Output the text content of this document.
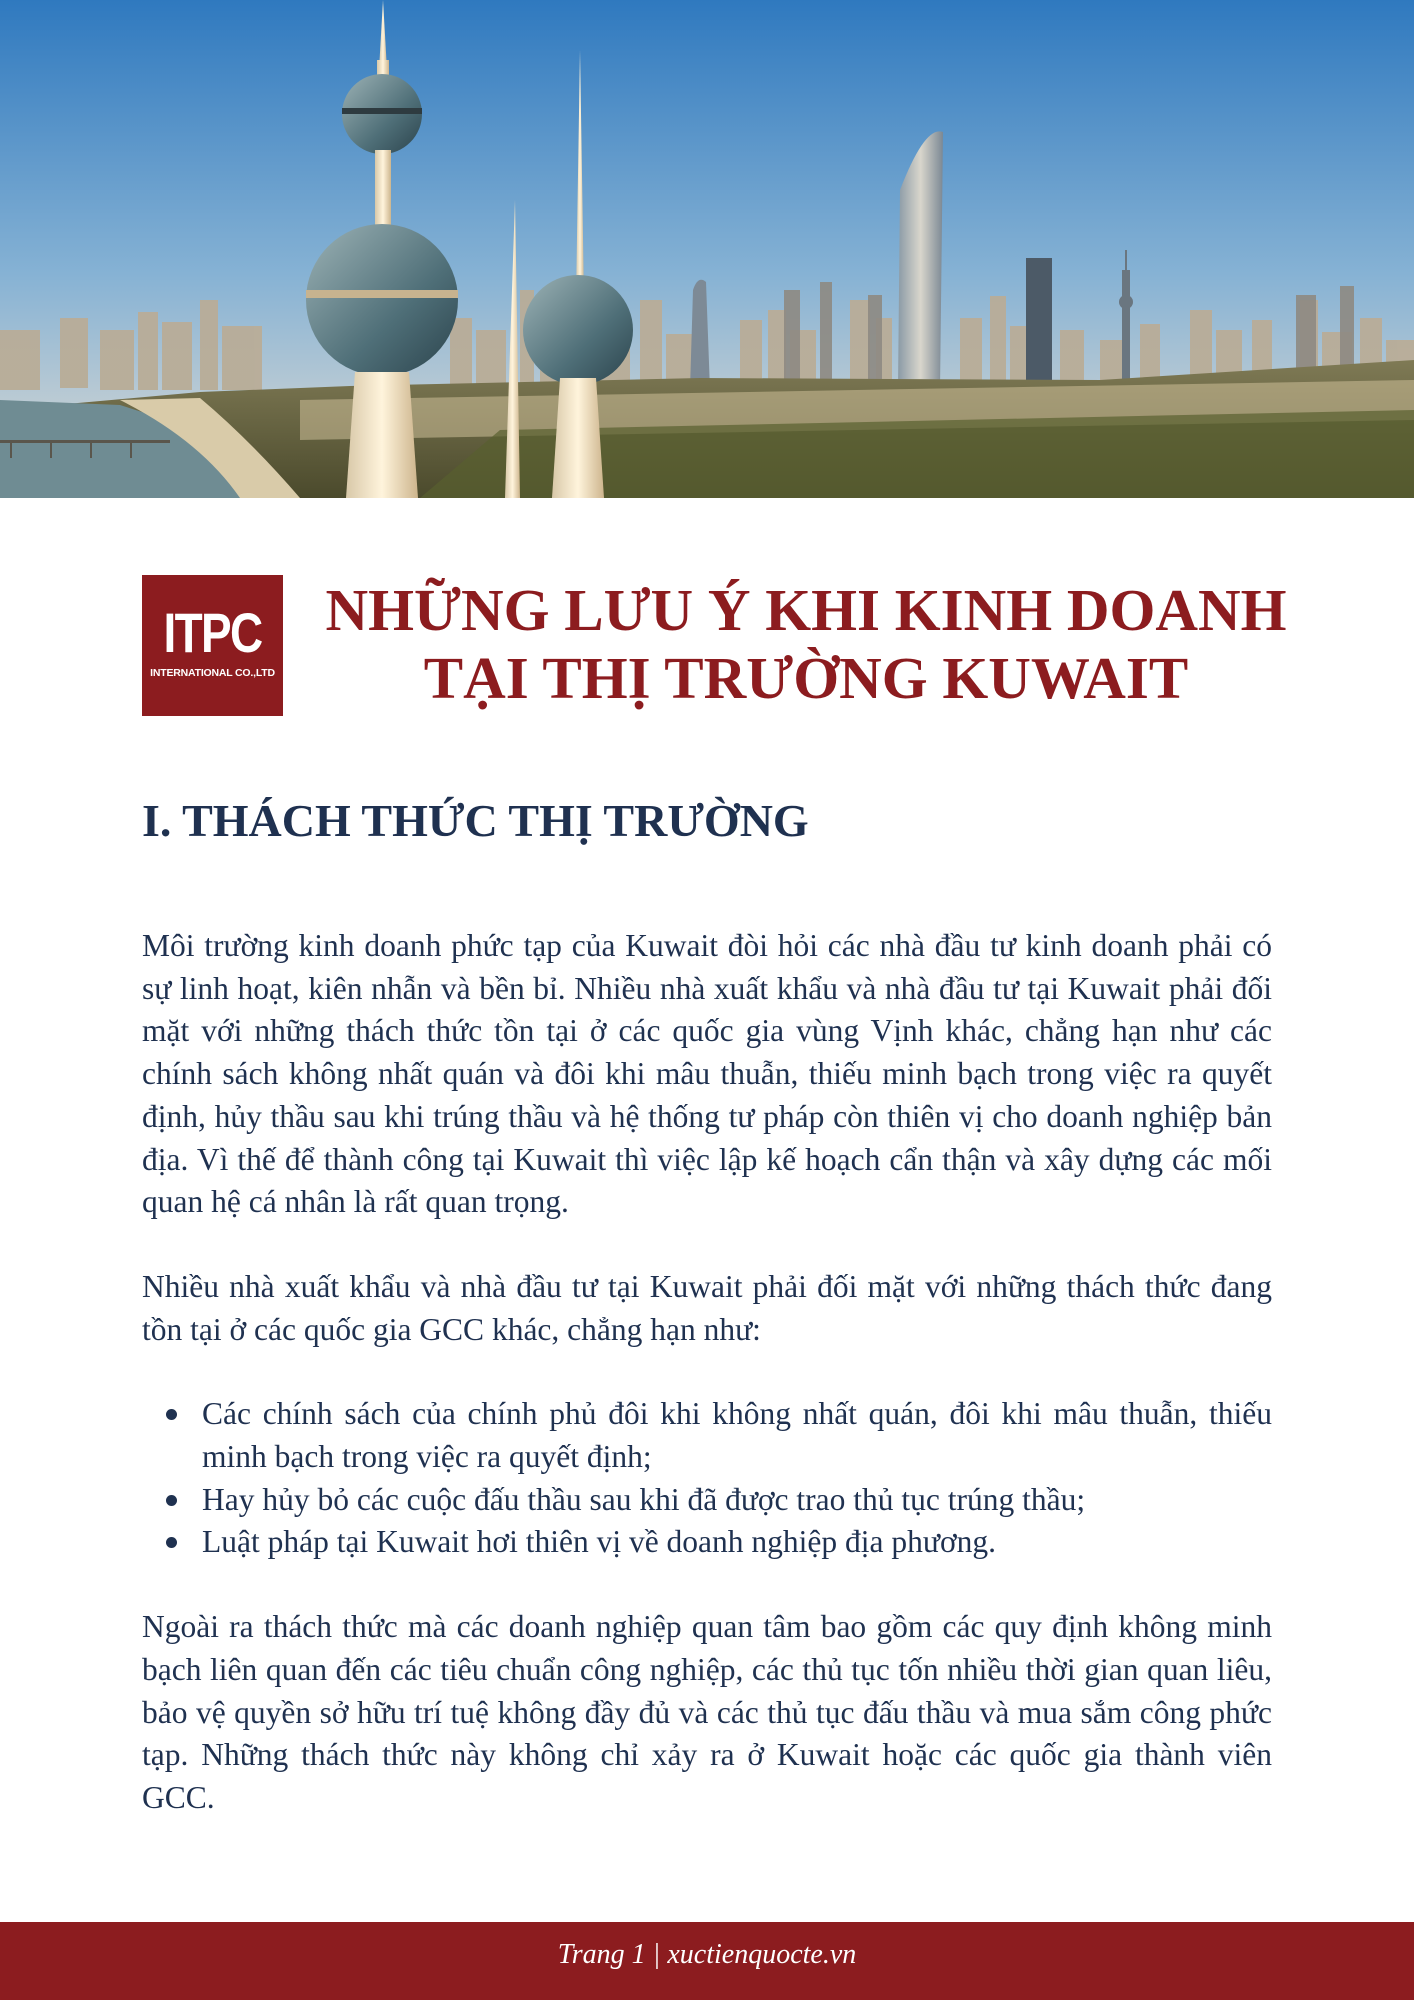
ITPC
INTERNATIONAL CO.,LTD
NHỮNG LƯU Ý KHI KINH DOANH
TẠI THỊ TRƯỜNG KUWAIT
I. THÁCH THỨC THỊ TRƯỜNG

Môi trường kinh doanh phức tạp của Kuwait đòi hỏi các nhà đầu tư kinh doanh phải có sự linh hoạt, kiên nhẫn và bền bỉ. Nhiều nhà xuất khẩu và nhà đầu tư tại Kuwait phải đối mặt với những thách thức tồn tại ở các quốc gia vùng Vịnh khác, chẳng hạn như các chính sách không nhất quán và đôi khi mâu thuẫn, thiếu minh bạch trong việc ra quyết định, hủy thầu sau khi trúng thầu và hệ thống tư pháp còn thiên vị cho doanh nghiệp bản địa. Vì thế để thành công tại Kuwait thì việc lập kế hoạch cẩn thận và xây dựng các mối quan hệ cá nhân là rất quan trọng.

Nhiều nhà xuất khẩu và nhà đầu tư tại Kuwait phải đối mặt với những thách thức đang tồn tại ở các quốc gia GCC khác, chẳng hạn như:

Các chính sách của chính phủ đôi khi không nhất quán, đôi khi mâu thuẫn, thiếu minh bạch trong việc ra quyết định;
Hay hủy bỏ các cuộc đấu thầu sau khi đã được trao thủ tục trúng thầu;
Luật pháp tại Kuwait hơi thiên vị về doanh nghiệp địa phương.

Ngoài ra thách thức mà các doanh nghiệp quan tâm bao gồm các quy định không minh bạch liên quan đến các tiêu chuẩn công nghiệp, các thủ tục tốn nhiều thời gian quan liêu, bảo vệ quyền sở hữu trí tuệ không đầy đủ và các thủ tục đấu thầu và mua sắm công phức tạp. Những thách thức này không chỉ xảy ra ở Kuwait hoặc các quốc gia thành viên GCC.

Trang 1 | xuctienquocte.vn
